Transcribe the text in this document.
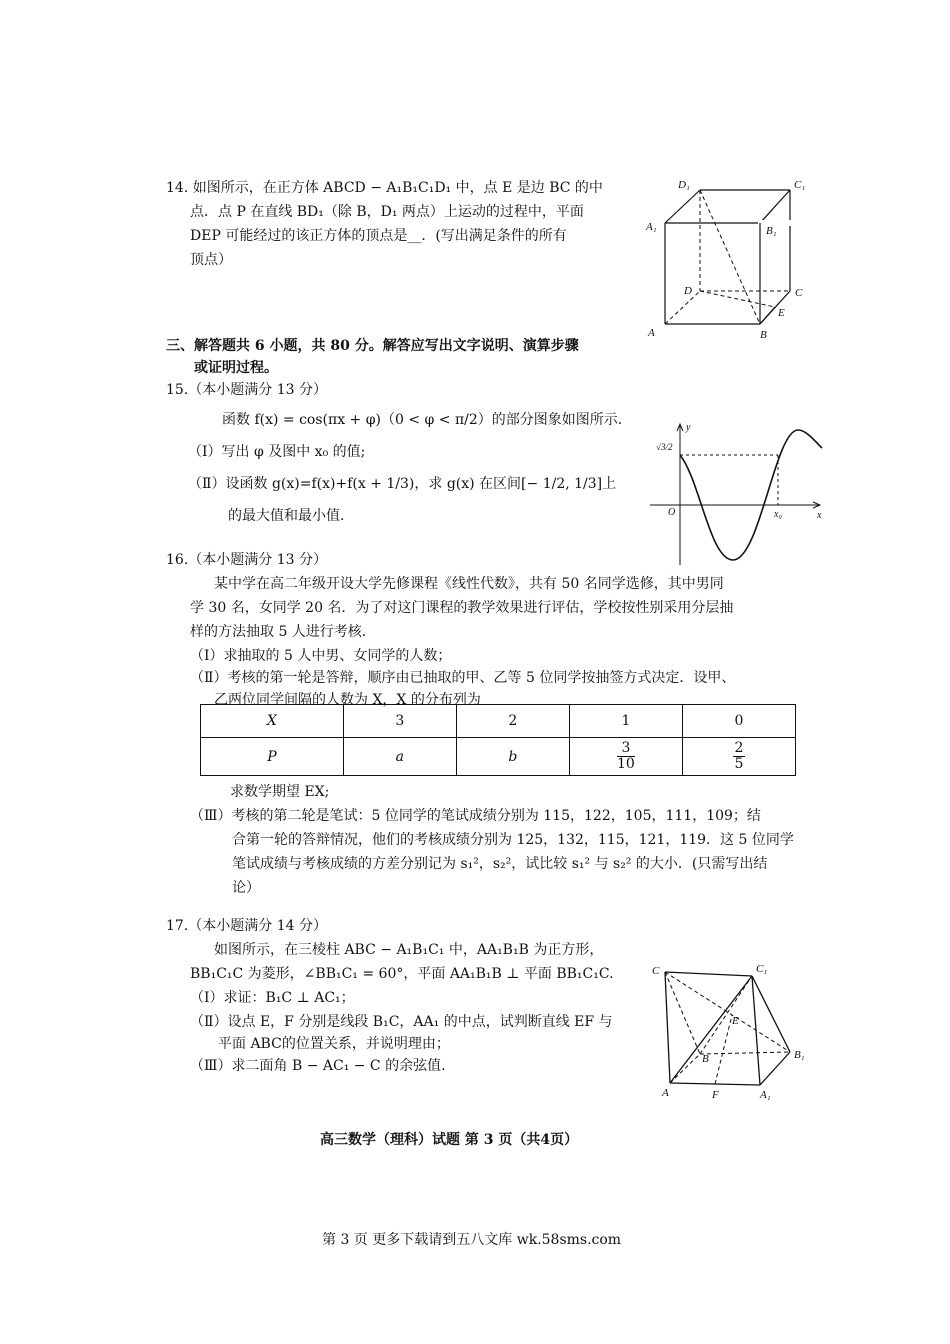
14. 如图所示，在正方体 ABCD − A₁B₁C₁D₁ 中，点 E 是边 BC 的中
点．点 P 在直线 BD₁（除 B，D₁ 两点）上运动的过程中，平面
DEP 可能经过的该正方体的顶点是__．(写出满足条件的所有
顶点）
D₁	C₁
A₁	B₁
D	C
E
A	B
三、解答题共 6 小题，共 80 分。解答应写出文字说明、演算步骤
或证明过程。
15.（本小题满分 13 分）
函数 f(x) = cos(πx + φ)（0 < φ < π/2）的部分图象如图所示.
（Ⅰ）写出 φ 及图中 x₀ 的值;
（Ⅱ）设函数 g(x)=f(x)+f(x + 1/3)，求 g(x) 在区间[− 1/2, 1/3]上
的最大值和最小值.
y
x
O	x₀
√3/2
16.（本小题满分 13 分）
某中学在高二年级开设大学先修课程《线性代数》，共有 50 名同学选修，其中男同
学 30 名，女同学 20 名．为了对这门课程的教学效果进行评估，学校按性别采用分层抽
样的方法抽取 5 人进行考核．
（Ⅰ）求抽取的 5 人中男、女同学的人数；
（Ⅱ）考核的第一轮是答辩，顺序由已抽取的甲、乙等 5 位同学按抽签方式决定．设甲、
乙两位同学间隔的人数为 X，X 的分布列为
X	3	2	1	0
P	a	b	$\frac{3}{10}$	$\frac{2}{5}$
求数学期望 EX;
（Ⅲ）考核的第二轮是笔试：5 位同学的笔试成绩分别为 115，122，105，111，109；结
合第一轮的答辩情况，他们的考核成绩分别为 125，132，115，121，119．这 5 位同学
笔试成绩与考核成绩的方差分别记为 s₁²，s₂²，试比较 s₁² 与 s₂² 的大小．(只需写出结
论）
17.（本小题满分 14 分）
如图所示，在三棱柱 ABC − A₁B₁C₁ 中，AA₁B₁B 为正方形，
BB₁C₁C 为菱形，∠BB₁C₁ = 60°，平面 AA₁B₁B ⊥ 平面 BB₁C₁C.
（Ⅰ）求证：B₁C ⊥ AC₁；
（Ⅱ）设点 E，F 分别是线段 B₁C，AA₁ 的中点，试判断直线 EF 与
平面 ABC的位置关系，并说明理由；
（Ⅲ）求二面角 B − AC₁ − C 的余弦值.
C	C₁
E
B	B₁
A	F	A₁
高三数学（理科）试题 第 3 页（共4页）
第 3 页 更多下载请到五八文库 wk.58sms.com
